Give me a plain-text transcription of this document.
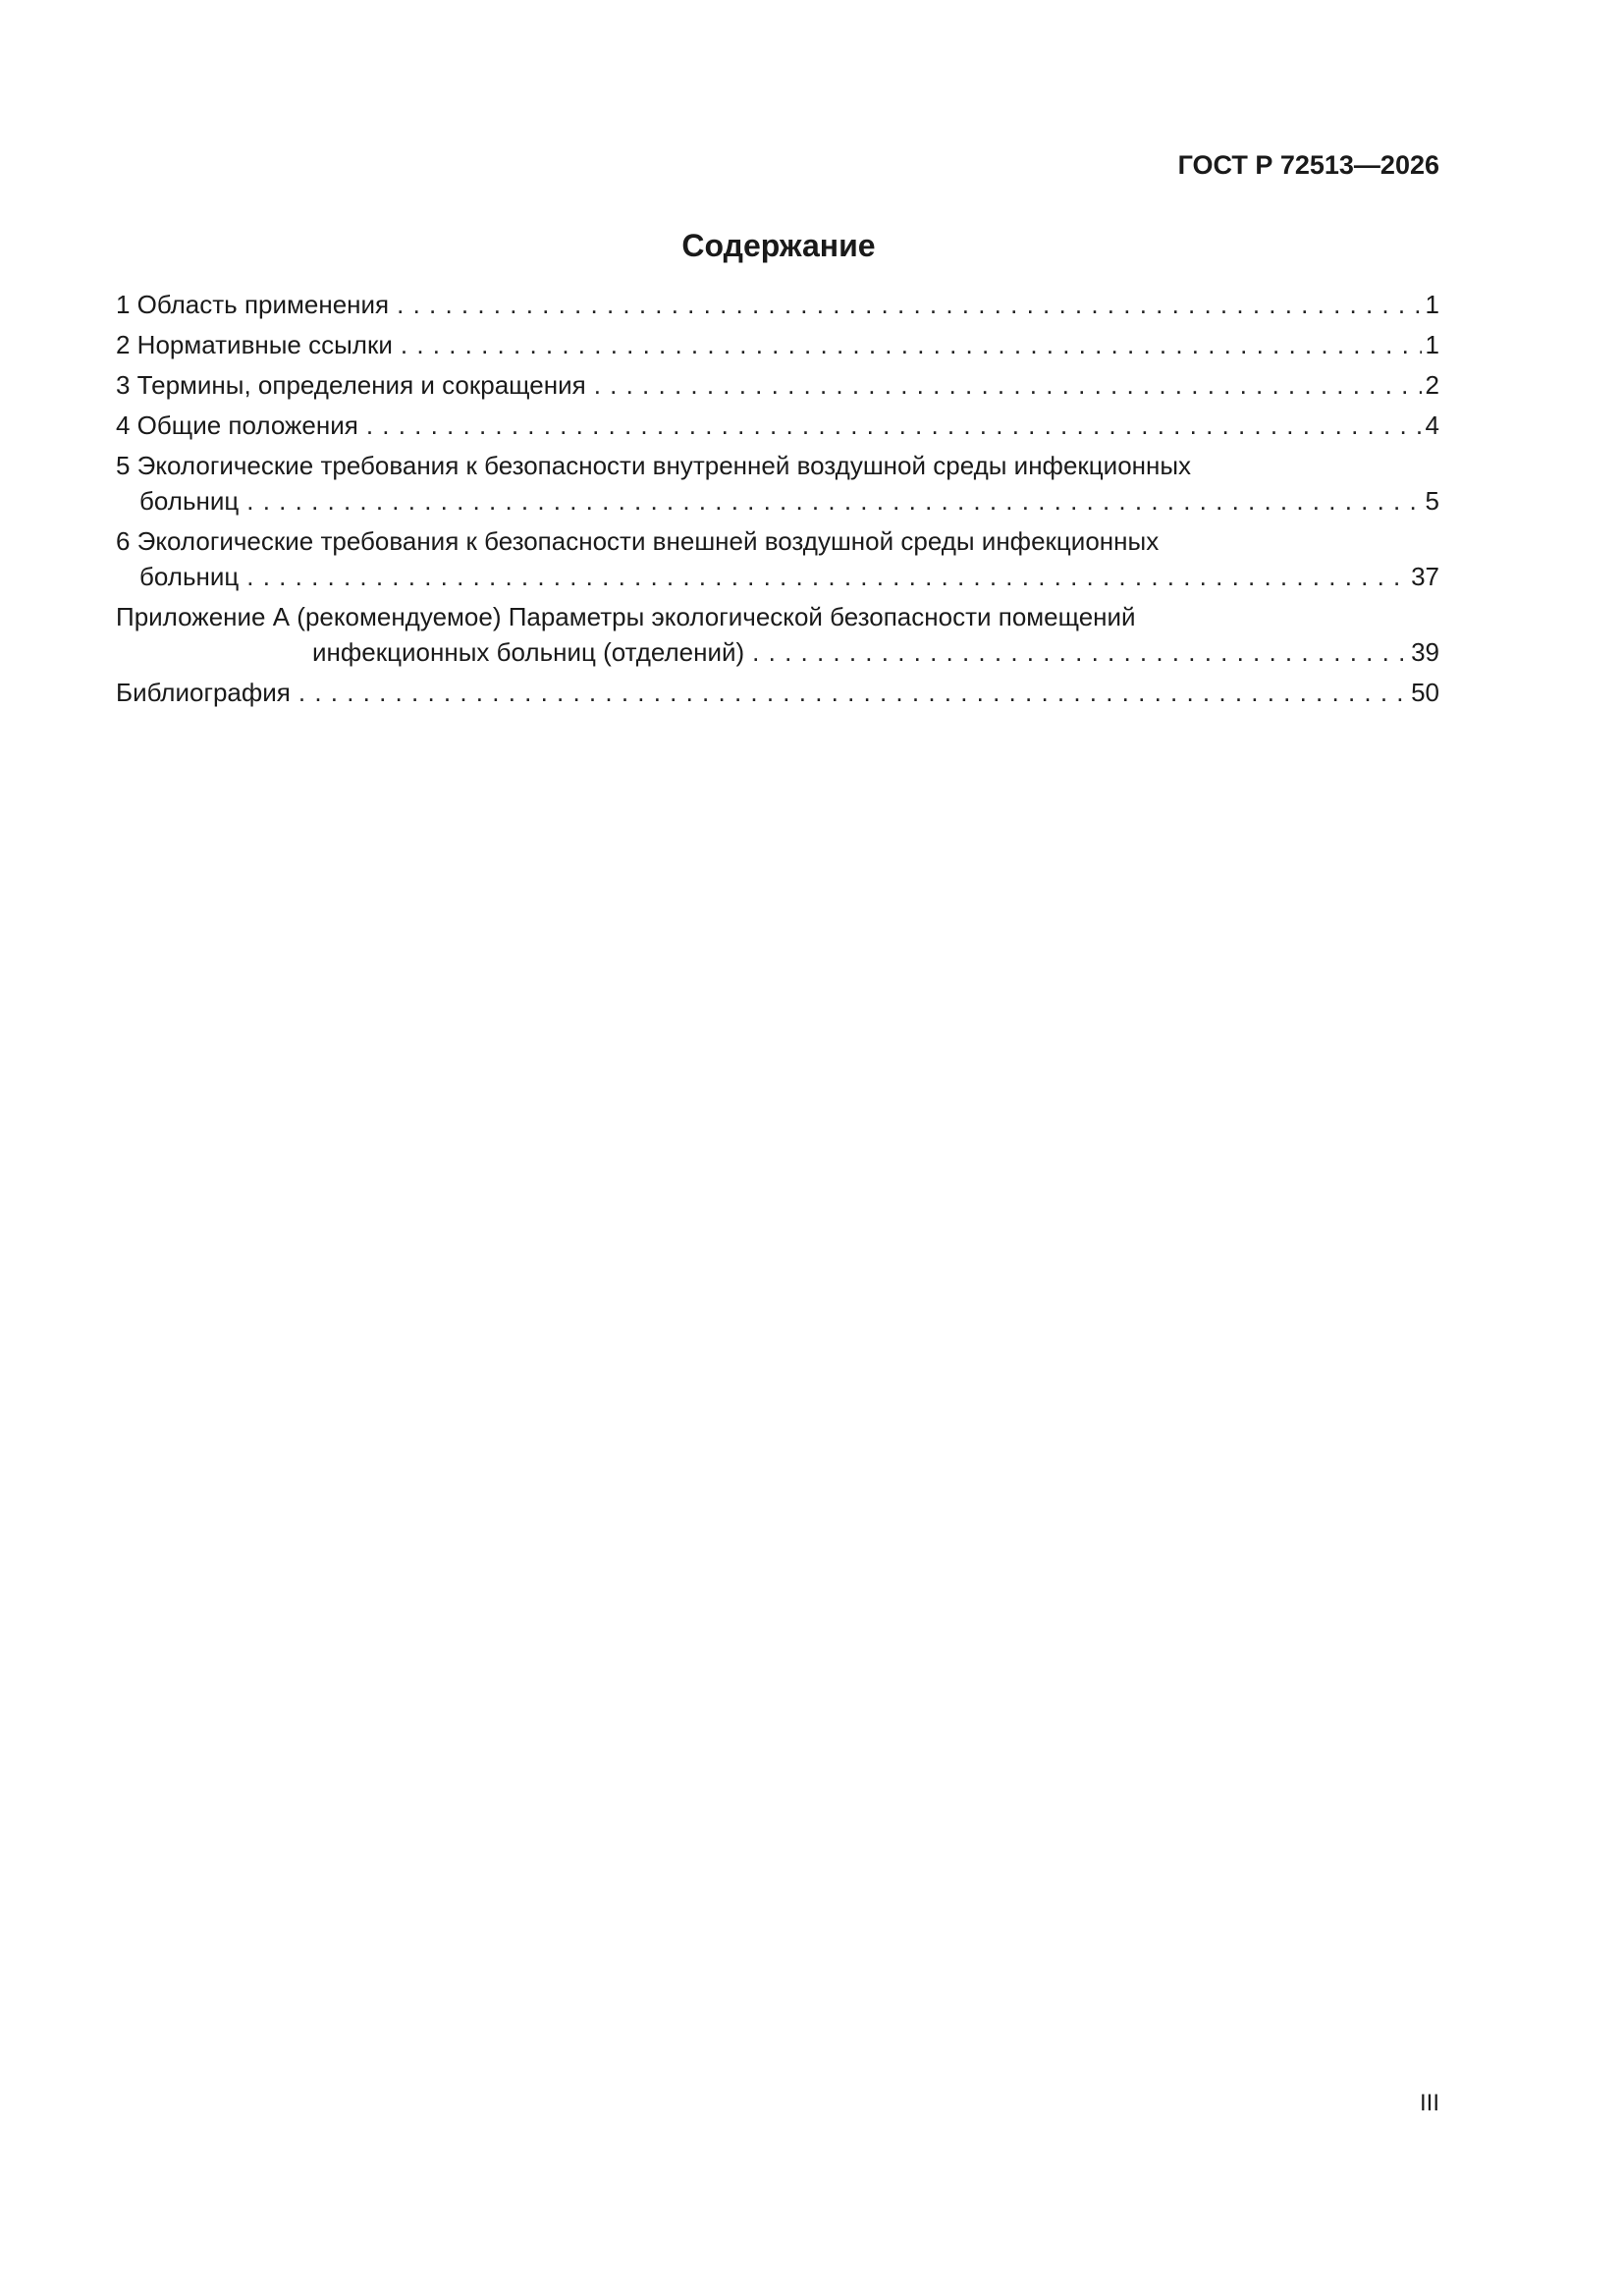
ГОСТ Р 72513—2026
Содержание
1 Область применения . . .	1
2 Нормативные ссылки . . .	1
3 Термины, определения и сокращения . . .	2
4 Общие положения . . .	4
5 Экологические требования к безопасности внутренней воздушной среды инфекционных
больниц . . .	5
6 Экологические требования к безопасности внешней воздушной среды инфекционных
больниц . . .	37
Приложение А (рекомендуемое) Параметры экологической безопасности помещений
инфекционных больниц (отделений) . . .	39
Библиография . . .	50
III
